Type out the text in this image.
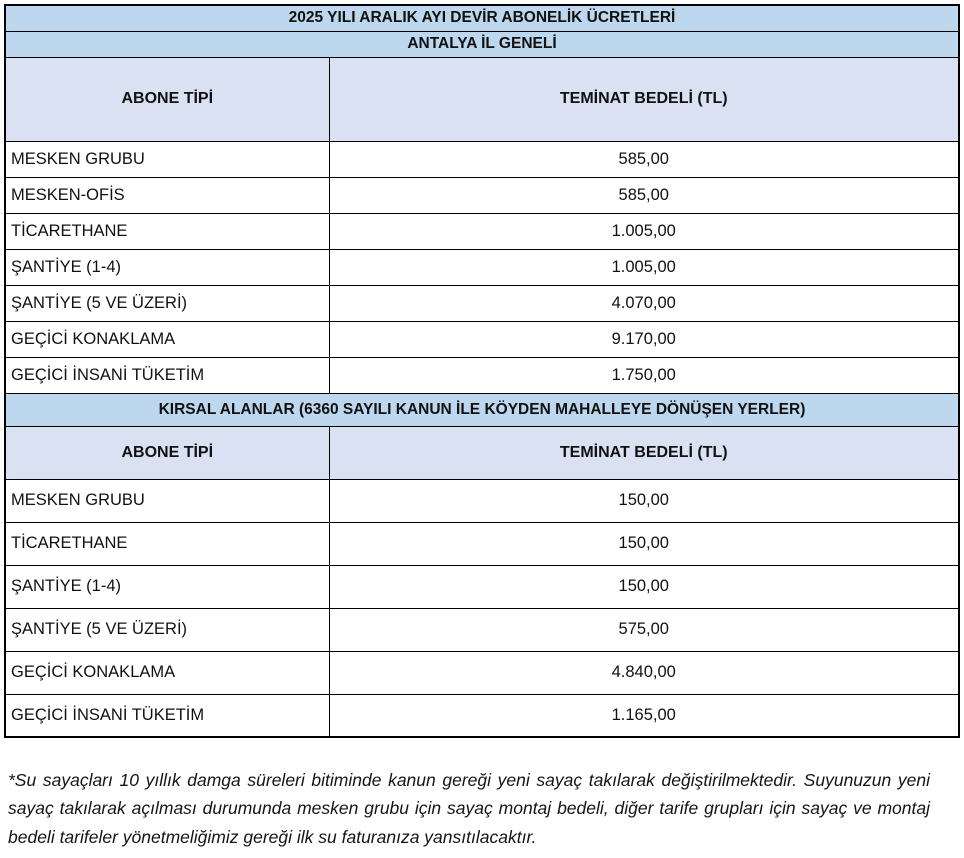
2025 YILI ARALIK AYI DEVİR ABONELİK ÜCRETLERİ	
ANTALYA İL GENELİ	
ABONE TİPİ	TEMİNAT BEDELİ (TL)
MESKEN GRUBU	585,00
MESKEN-OFİS	585,00
TİCARETHANE	1.005,00
ŞANTİYE (1-4)	1.005,00
ŞANTİYE (5 VE ÜZERİ)	4.070,00
GEÇİCİ KONAKLAMA	9.170,00
GEÇİCİ İNSANİ TÜKETİM	1.750,00
KIRSAL ALANLAR (6360 SAYILI KANUN İLE KÖYDEN MAHALLEYE DÖNÜŞEN YERLER)	
ABONE TİPİ	TEMİNAT BEDELİ (TL)
MESKEN GRUBU	150,00
TİCARETHANE	150,00
ŞANTİYE (1-4)	150,00
ŞANTİYE (5 VE ÜZERİ)	575,00
GEÇİCİ KONAKLAMA	4.840,00
GEÇİCİ İNSANİ TÜKETİM	1.165,00

*Su sayaçları 10 yıllık damga süreleri bitiminde kanun gereği yeni sayaç takılarak değiştirilmektedir. Suyunuzun yeni sayaç takılarak açılması durumunda mesken grubu için sayaç montaj bedeli, diğer tarife grupları için sayaç ve montaj bedeli tarifeler yönetmeliğimiz gereği ilk su faturanıza yansıtılacaktır.
